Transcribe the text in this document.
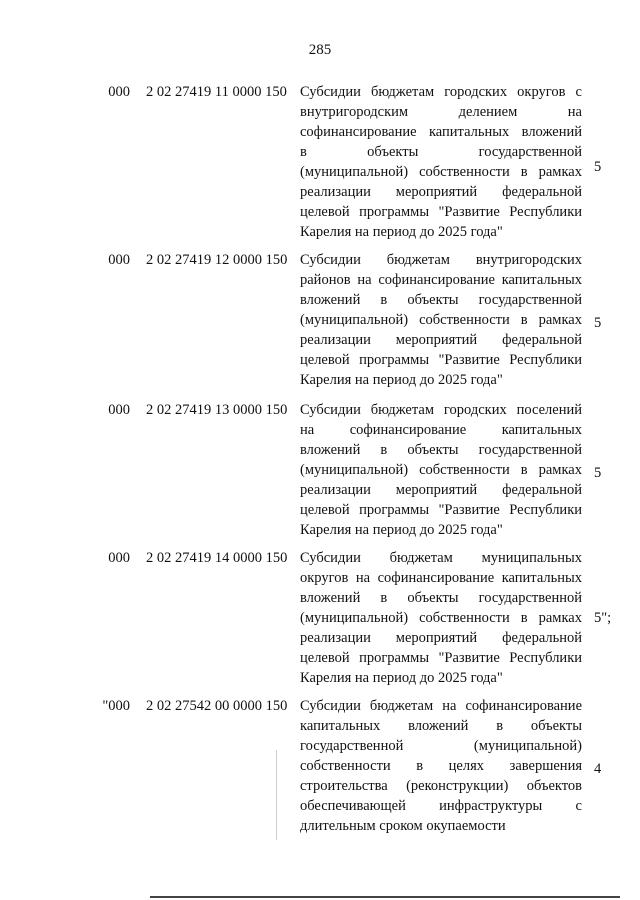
285
000 2 02 27419 11 0000 150 Субсидии бюджетам городских округов с
внутригородским делением на
софинансирование капитальных вложений
в объекты государственной
(муниципальной) собственности в рамках
реализации мероприятий федеральной
целевой программы "Развитие Республики
Карелия на период до 2025 года"
5
000 2 02 27419 12 0000 150 Субсидии бюджетам внутригородских
районов на софинансирование капитальных
вложений в объекты государственной
(муниципальной) собственности в рамках
реализации мероприятий федеральной
целевой программы "Развитие Республики
Карелия на период до 2025 года"
5
000 2 02 27419 13 0000 150 Субсидии бюджетам городских поселений
на софинансирование капитальных
вложений в объекты государственной
(муниципальной) собственности в рамках
реализации мероприятий федеральной
целевой программы "Развитие Республики
Карелия на период до 2025 года"
5
000 2 02 27419 14 0000 150 Субсидии бюджетам муниципальных
округов на софинансирование капитальных
вложений в объекты государственной
(муниципальной) собственности в рамках
реализации мероприятий федеральной
целевой программы "Развитие Республики
Карелия на период до 2025 года"
5";
"000 2 02 27542 00 0000 150 Субсидии бюджетам на софинансирование
капитальных вложений в объекты
государственной (муниципальной)
собственности в целях завершения
строительства (реконструкции) объектов
обеспечивающей инфраструктуры с
длительным сроком окупаемости
4
